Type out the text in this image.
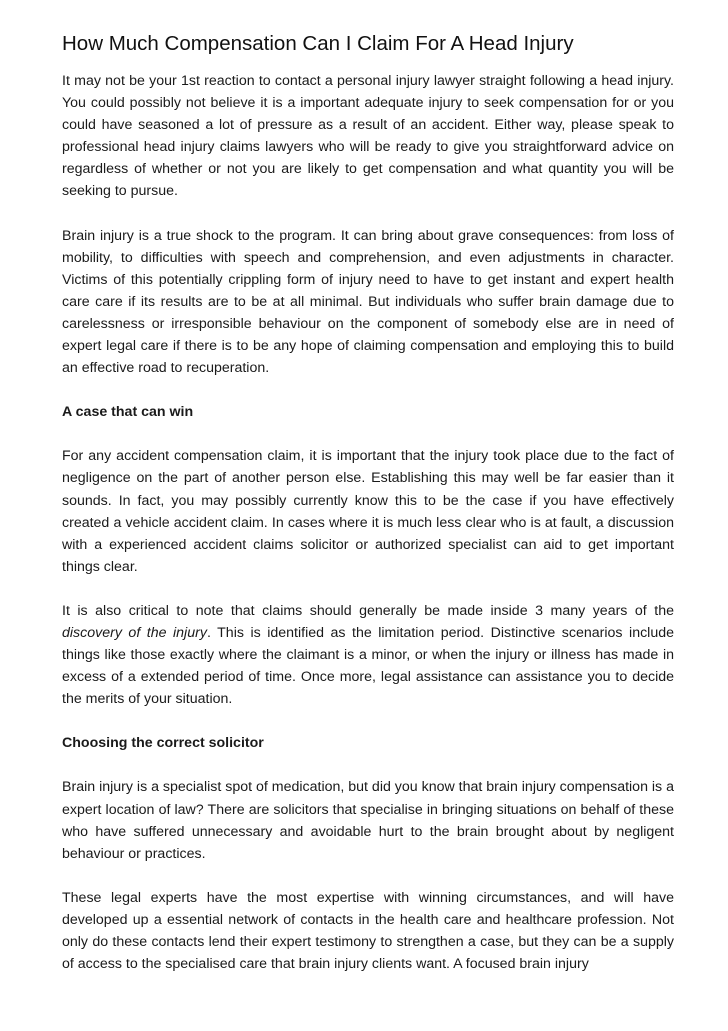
How Much Compensation Can I Claim For A Head Injury

It may not be your 1st reaction to contact a personal injury lawyer straight following a head injury. You could possibly not believe it is a important adequate injury to seek compensation for or you could have seasoned a lot of pressure as a result of an accident. Either way, please speak to professional head injury claims lawyers who will be ready to give you straightforward advice on regardless of whether or not you are likely to get compensation and what quantity you will be seeking to pursue.

Brain injury is a true shock to the program. It can bring about grave consequences: from loss of mobility, to difficulties with speech and comprehension, and even adjustments in character. Victims of this potentially crippling form of injury need to have to get instant and expert health care care if its results are to be at all minimal. But individuals who suffer brain damage due to carelessness or irresponsible behaviour on the component of somebody else are in need of expert legal care if there is to be any hope of claiming compensation and employing this to build an effective road to recuperation.

A case that can win

For any accident compensation claim, it is important that the injury took place due to the fact of negligence on the part of another person else. Establishing this may well be far easier than it sounds. In fact, you may possibly currently know this to be the case if you have effectively created a vehicle accident claim. In cases where it is much less clear who is at fault, a discussion with a experienced accident claims solicitor or authorized specialist can aid to get important things clear.

It is also critical to note that claims should generally be made inside 3 many years of the discovery of the injury. This is identified as the limitation period. Distinctive scenarios include things like those exactly where the claimant is a minor, or when the injury or illness has made in excess of a extended period of time. Once more, legal assistance can assistance you to decide the merits of your situation.

Choosing the correct solicitor

Brain injury is a specialist spot of medication, but did you know that brain injury compensation is a expert location of law? There are solicitors that specialise in bringing situations on behalf of these who have suffered unnecessary and avoidable hurt to the brain brought about by negligent behaviour or practices.

These legal experts have the most expertise with winning circumstances, and will have developed up a essential network of contacts in the health care and healthcare profession. Not only do these contacts lend their expert testimony to strengthen a case, but they can be a supply of access to the specialised care that brain injury clients want. A focused brain injury
